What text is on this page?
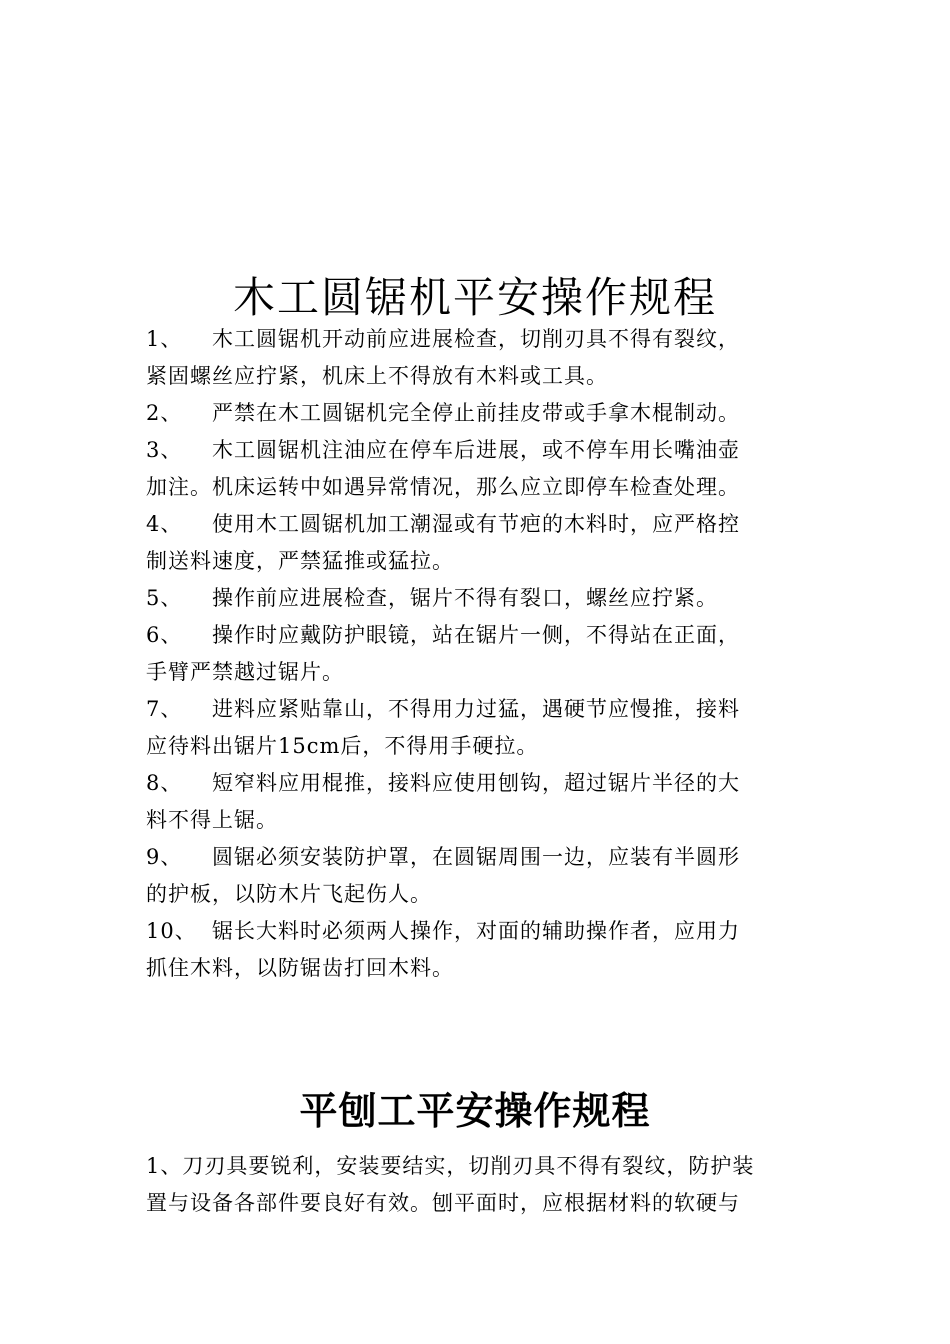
木工圆锯机平安操作规程
1、 木工圆锯机开动前应进展检查，切削刃具不得有裂纹，
紧固螺丝应拧紧，机床上不得放有木料或工具。
2、 严禁在木工圆锯机完全停止前挂皮带或手拿木棍制动。
3、 木工圆锯机注油应在停车后进展，或不停车用长嘴油壶
加注。机床运转中如遇异常情况，那么应立即停车检查处理。
4、 使用木工圆锯机加工潮湿或有节疤的木料时，应严格控
制送料速度，严禁猛推或猛拉。
5、 操作前应进展检查，锯片不得有裂口，螺丝应拧紧。
6、 操作时应戴防护眼镜，站在锯片一侧，不得站在正面，
手臂严禁越过锯片。
7、 进料应紧贴靠山，不得用力过猛，遇硬节应慢推，接料
应待料出锯片15cm后，不得用手硬拉。
8、 短窄料应用棍推，接料应使用刨钩，超过锯片半径的大
料不得上锯。
9、 圆锯必须安装防护罩，在圆锯周围一边，应装有半圆形
的护板，以防木片飞起伤人。
10、 锯长大料时必须两人操作，对面的辅助操作者，应用力
抓住木料，以防锯齿打回木料。
平刨工平安操作规程
1、刀刃具要锐利，安装要结实，切削刃具不得有裂纹，防护装
置与设备各部件要良好有效。刨平面时，应根据材料的软硬与
